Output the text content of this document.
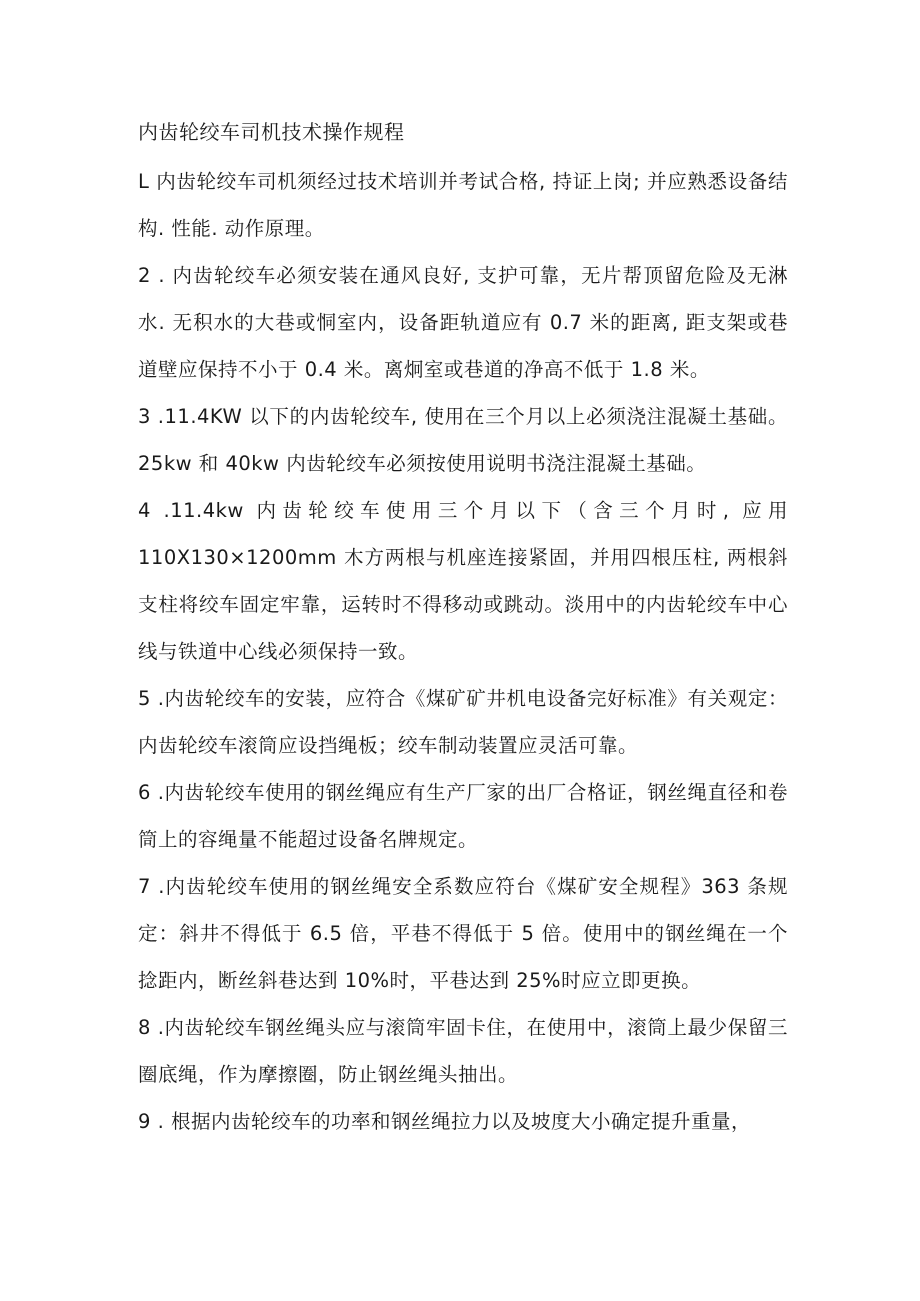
内齿轮绞车司机技术操作规程

L 内齿轮绞车司机须经过技术培训并考试合格, 持证上岗; 并应熟悉设备结构. 性能. 动作原理。

2 . 内齿轮绞车必须安装在通风良好, 支护可靠，无片帮顶留危险及无淋水. 无积水的大巷或恫室内，设备距轨道应有 0.7 米的距离, 距支架或巷道壁应保持不小于 0.4 米。离炯室或巷道的净高不低于 1.8 米。

3 .11.4KW 以下的内齿轮绞车, 使用在三个月以上必须浇注混凝土基础。25kw 和 40kw 内齿轮绞车必须按使用说明书浇注混凝土基础。

4 .11.4kw 内齿轮绞车使用三个月以下（含三个月时, 应用
110X130×1200mm 木方两根与机座连接紧固，并用四根压柱, 两根斜支柱将绞车固定牢靠，运转时不得移动或跳动。淡用中的内齿轮绞车中心线与铁道中心线必须保持一致。

5 .内齿轮绞车的安装，应符合《煤矿矿井机电设备完好标准》有关观定：内齿轮绞车滚筒应设挡绳板；绞车制动装置应灵活可靠。

6 .内齿轮绞车使用的钢丝绳应有生产厂家的出厂合格证，钢丝绳直径和卷筒上的容绳量不能超过设备名牌规定。

7 .内齿轮绞车使用的钢丝绳安全系数应符台《煤矿安全规程》363 条规定：斜井不得低于 6.5 倍，平巷不得低于 5 倍。使用中的钢丝绳在一个捻距内，断丝斜巷达到 10%时，平巷达到 25%时应立即更换。

8 .内齿轮绞车钢丝绳头应与滚筒牢固卡住，在使用中，滚筒上最少保留三圈底绳，作为摩擦圈，防止钢丝绳头抽出。

9 . 根据内齿轮绞车的功率和钢丝绳拉力以及坡度大小确定提升重量，
